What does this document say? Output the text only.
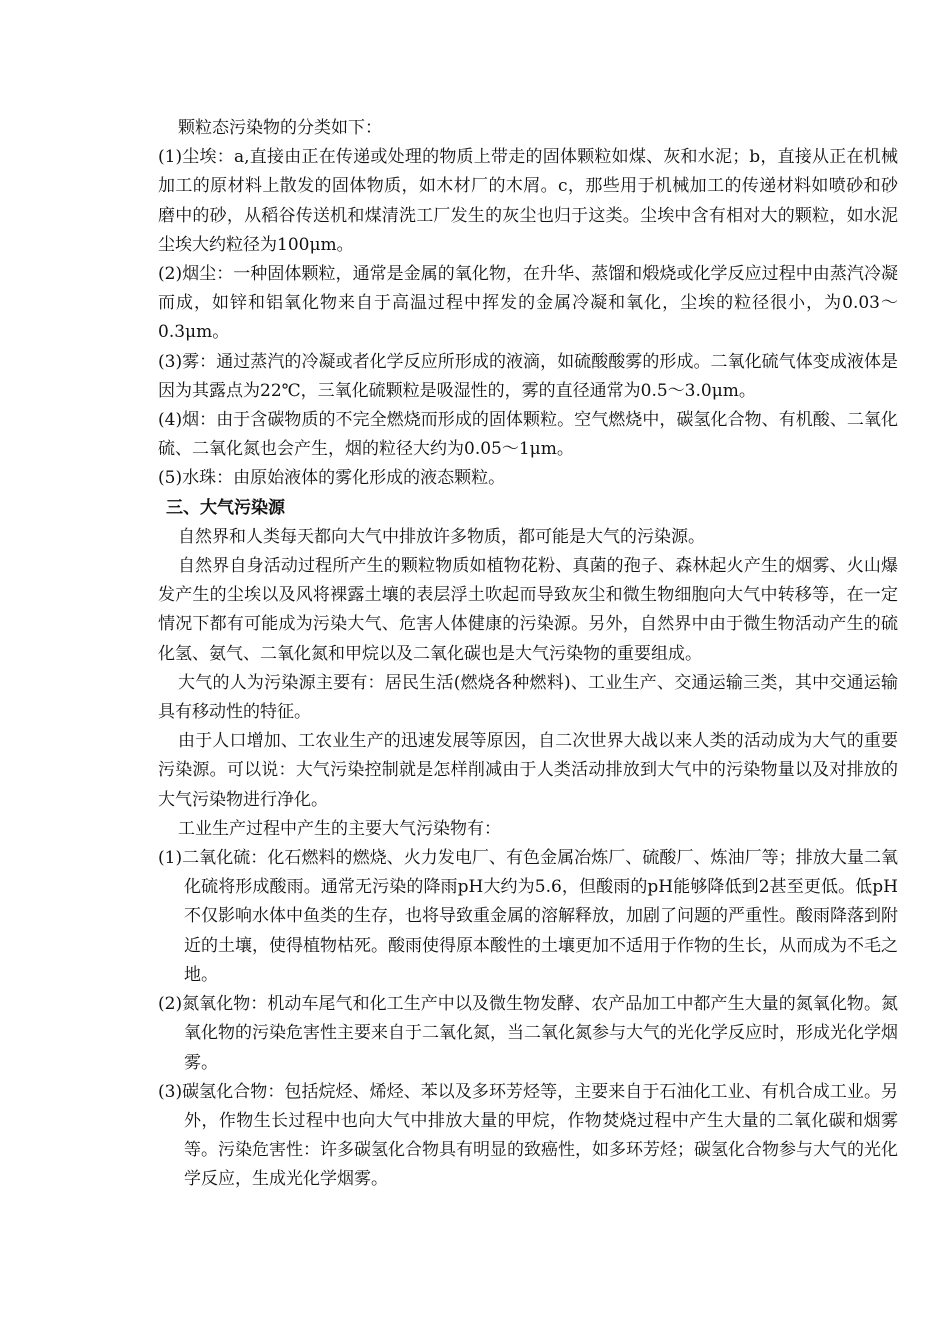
颗粒态污染物的分类如下：

(1)尘埃：a,直接由正在传递或处理的物质上带走的固体颗粒如煤、灰和水泥；b，直接从正在机械加工的原材料上散发的固体物质，如木材厂的木屑。c，那些用于机械加工的传递材料如喷砂和砂磨中的砂，从稻谷传送机和煤清洗工厂发生的灰尘也归于这类。尘埃中含有相对大的颗粒，如水泥尘埃大约粒径为100μm。

(2)烟尘：一种固体颗粒，通常是金属的氧化物，在升华、蒸馏和煅烧或化学反应过程中由蒸汽冷凝而成，如锌和铝氧化物来自于高温过程中挥发的金属冷凝和氧化，尘埃的粒径很小，为0.03～0.3μm。

(3)雾：通过蒸汽的冷凝或者化学反应所形成的液滴，如硫酸酸雾的形成。二氧化硫气体变成液体是因为其露点为22℃，三氧化硫颗粒是吸湿性的，雾的直径通常为0.5～3.0μm。

(4)烟：由于含碳物质的不完全燃烧而形成的固体颗粒。空气燃烧中，碳氢化合物、有机酸、二氧化硫、二氧化氮也会产生，烟的粒径大约为0.05～1μm。

(5)水珠：由原始液体的雾化形成的液态颗粒。

三、大气污染源

自然界和人类每天都向大气中排放许多物质，都可能是大气的污染源。

自然界自身活动过程所产生的颗粒物质如植物花粉、真菌的孢子、森林起火产生的烟雾、火山爆发产生的尘埃以及风将裸露土壤的表层浮土吹起而导致灰尘和微生物细胞向大气中转移等，在一定情况下都有可能成为污染大气、危害人体健康的污染源。另外，自然界中由于微生物活动产生的硫化氢、氨气、二氧化氮和甲烷以及二氧化碳也是大气污染物的重要组成。

大气的人为污染源主要有：居民生活(燃烧各种燃料)、工业生产、交通运输三类，其中交通运输具有移动性的特征。

由于人口增加、工农业生产的迅速发展等原因，自二次世界大战以来人类的活动成为大气的重要污染源。可以说：大气污染控制就是怎样削减由于人类活动排放到大气中的污染物量以及对排放的大气污染物进行净化。

工业生产过程中产生的主要大气污染物有：

(1)二氧化硫：化石燃料的燃烧、火力发电厂、有色金属冶炼厂、硫酸厂、炼油厂等；排放大量二氧化硫将形成酸雨。通常无污染的降雨pH大约为5.6，但酸雨的pH能够降低到2甚至更低。低pH不仅影响水体中鱼类的生存，也将导致重金属的溶解释放，加剧了问题的严重性。酸雨降落到附近的土壤，使得植物枯死。酸雨使得原本酸性的土壤更加不适用于作物的生长，从而成为不毛之地。

(2)氮氧化物：机动车尾气和化工生产中以及微生物发酵、农产品加工中都产生大量的氮氧化物。氮氧化物的污染危害性主要来自于二氧化氮，当二氧化氮参与大气的光化学反应时，形成光化学烟雾。

(3)碳氢化合物：包括烷烃、烯烃、苯以及多环芳烃等，主要来自于石油化工业、有机合成工业。另外，作物生长过程中也向大气中排放大量的甲烷，作物焚烧过程中产生大量的二氧化碳和烟雾等。污染危害性：许多碳氢化合物具有明显的致癌性，如多环芳烃；碳氢化合物参与大气的光化学反应，生成光化学烟雾。
